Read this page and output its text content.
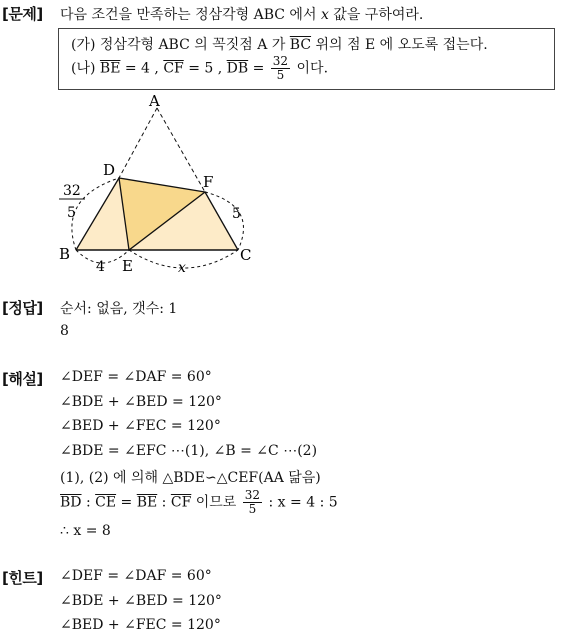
[문제] 다음 조건을 만족하는 정삼각형 ABC 에서 x 값을 구하여라.
(가) 정삼각형 ABC 의 꼭짓점 A 가 $\overline{BC}$ 위의 점 E 에 오도록 접는다.
(나) $\overline{BE} = 4$ , $\overline{CF} = 5$ , $\overline{DB} = \frac{32}{5}$ 이다.
A
D
F
B
E
C
32
5	5
4	x
[정답] 순서: 없음, 갯수: 1
8
[해설] ∠DEF = ∠DAF = 60°
∠BDE + ∠BED = 120°
∠BED + ∠FEC = 120°
∠BDE = ∠EFC ⋯(1), ∠B = ∠C ⋯(2)
(1), (2) 에 의해 △BDE∽△CEF(AA 닮음)
$\overline{BD}$ : $\overline{CE} = \overline{BE}$ : $\overline{CF}$ 이므로 $\frac{32}{5}$ : x = 4 : 5
∴ x = 8
[힌트] ∠DEF = ∠DAF = 60°
∠BDE + ∠BED = 120°
∠BED + ∠FEC = 120°
